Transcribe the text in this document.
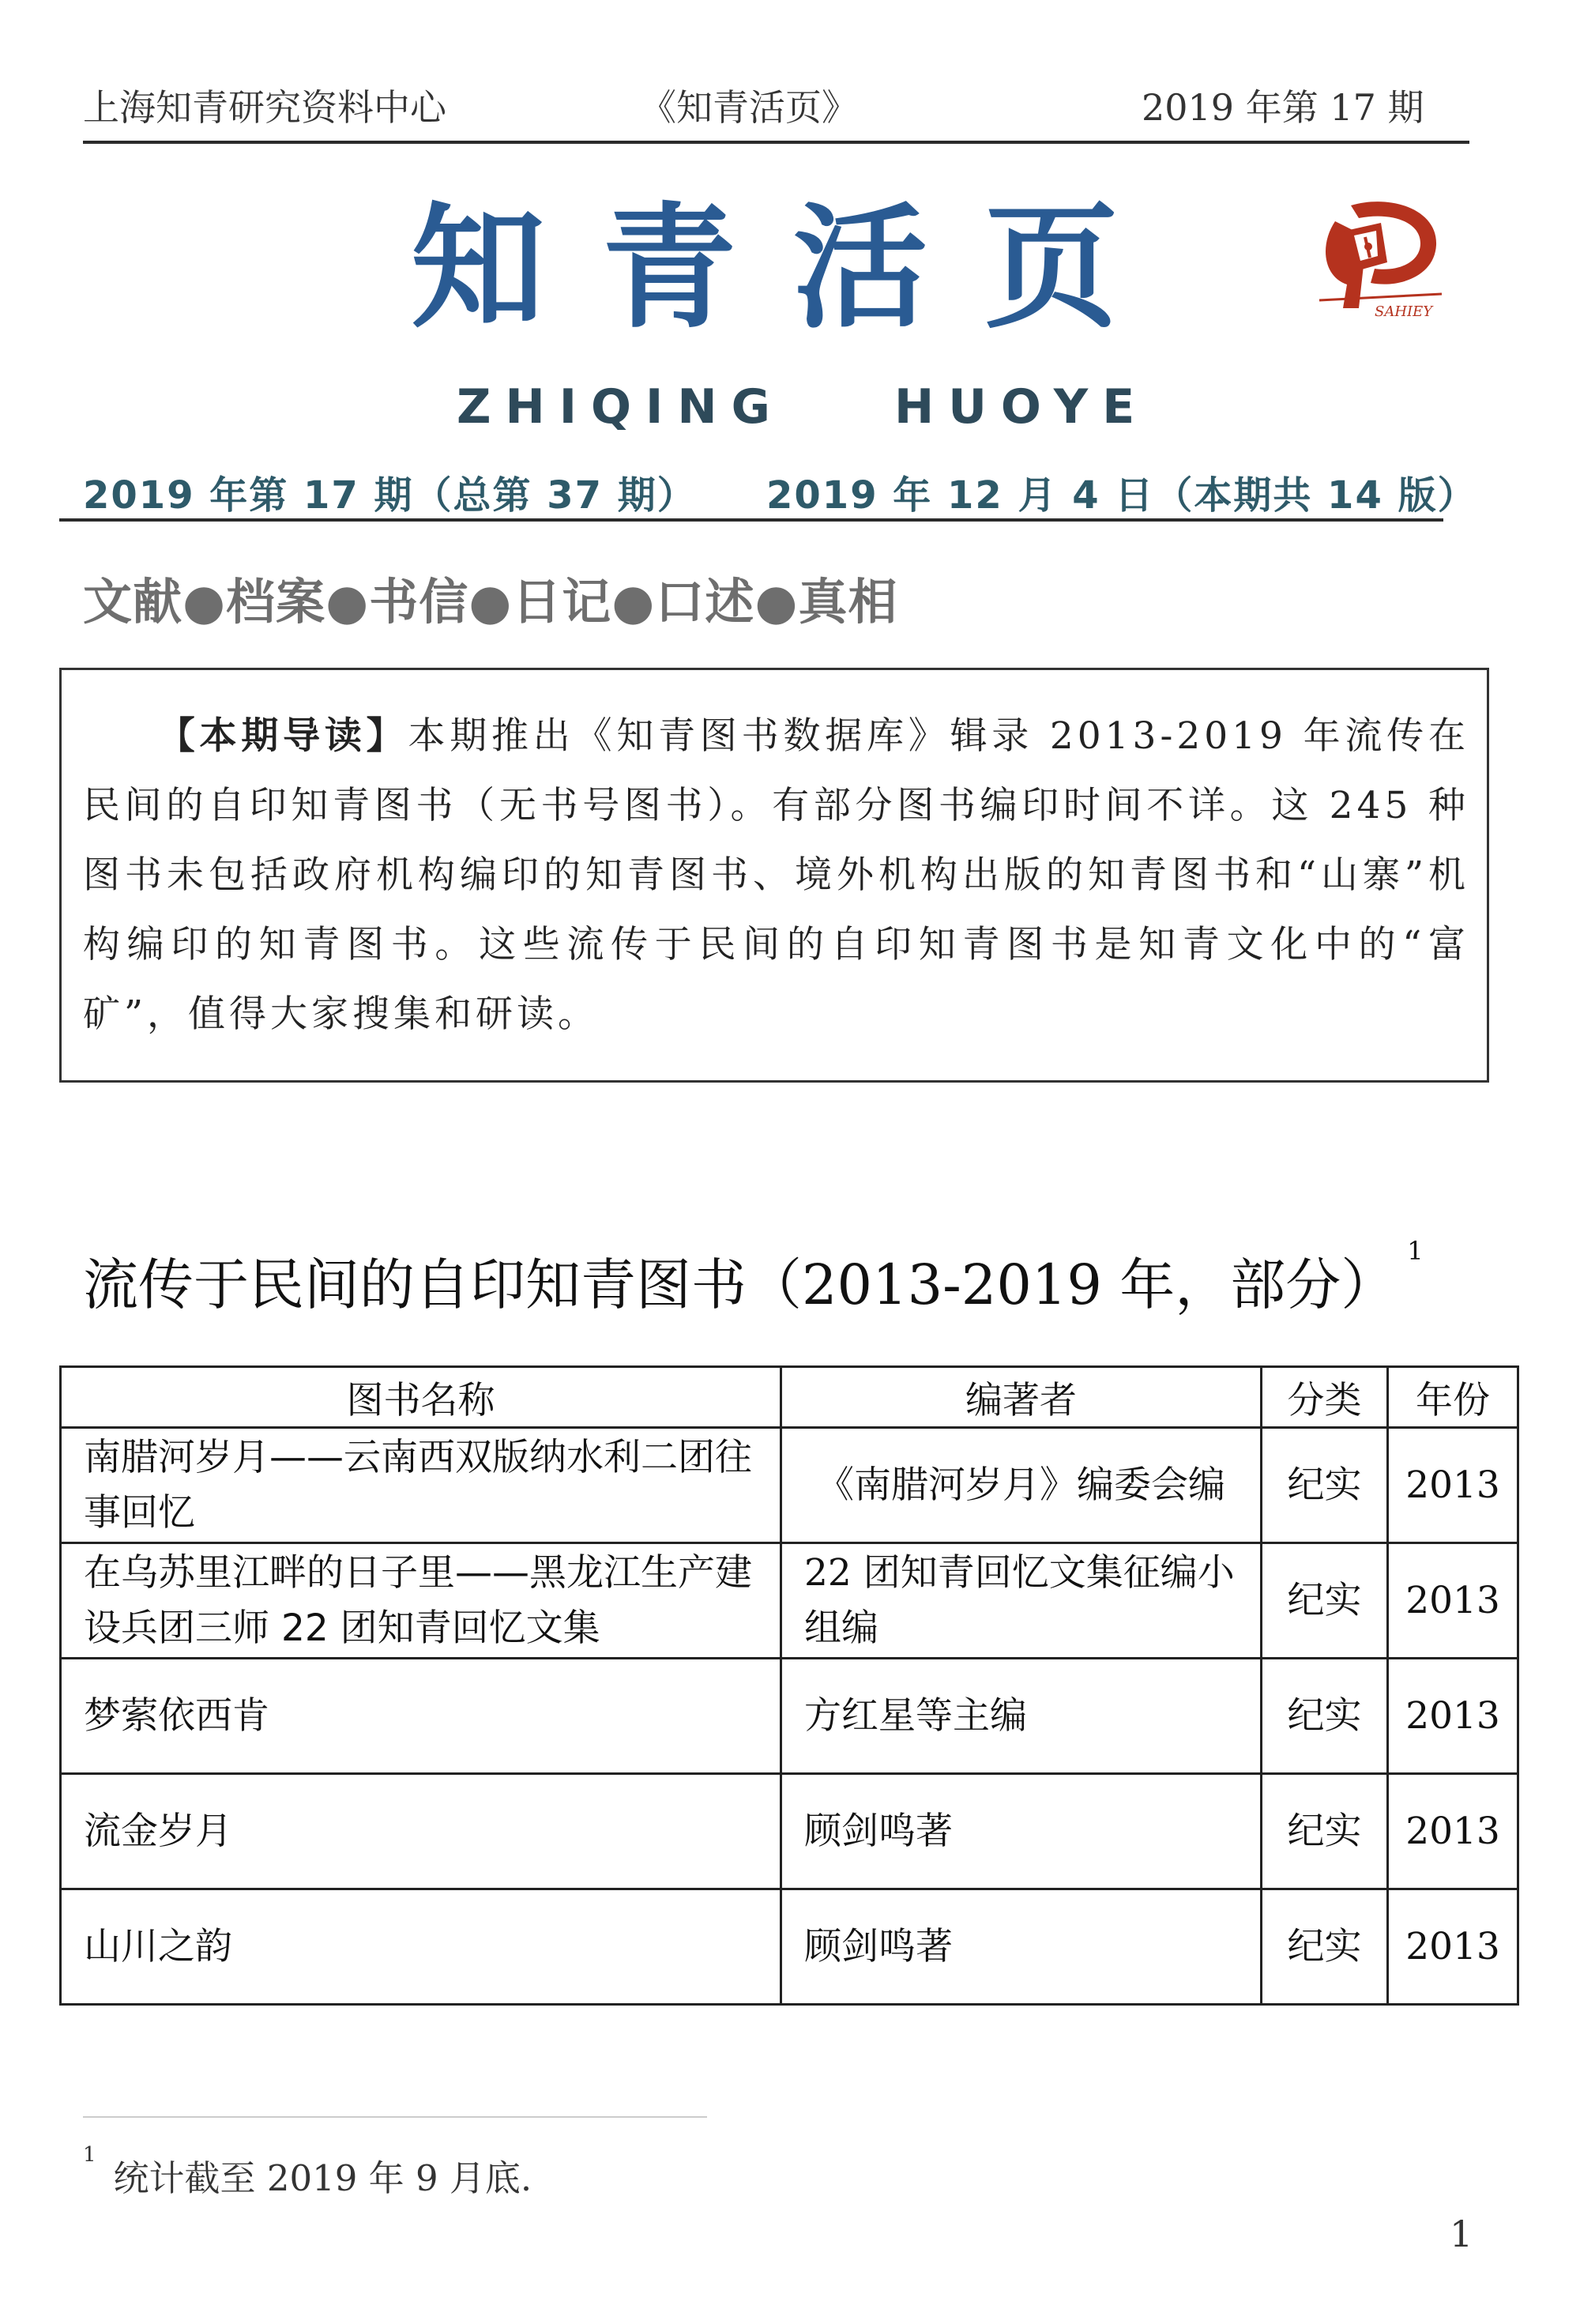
上海知青研究资料中心	《知青活页》	2019 年第 17 期
知青活页	SAHIEY
ZHIQING HUOYE
2019 年第 17 期（总第 37 期） 2019 年 12 月 4 日（本期共 14 版）
文献●档案●书信●日记●口述●真相
【本期导读】本期推出《知青图书数据库》辑录 2013-2019 年流传在民间的自印知青图书（无书号图书）。有部分图书编印时间不详。这 245 种图书未包括政府机构编印的知青图书、境外机构出版的知青图书和“山寨”机构编印的知青图书。这些流传于民间的自印知青图书是知青文化中的“富矿”，值得大家搜集和研读。
流传于民间的自印知青图书（2013-2019 年，部分）$^1$
图书名称	编著者	分类	年份
南腊河岁月——云南西双版纳水利二团往事回忆	《南腊河岁月》编委会编	纪实	2013
在乌苏里江畔的日子里——黑龙江生产建设兵团三师 22 团知青回忆文集	22 团知青回忆文集征编小组编	纪实	2013
梦萦依西肯	方红星等主编	纪实	2013
流金岁月	顾剑鸣著	纪实	2013
山川之韵	顾剑鸣著	纪实	2013
$^1$统计截至 2019 年 9 月底.
1
